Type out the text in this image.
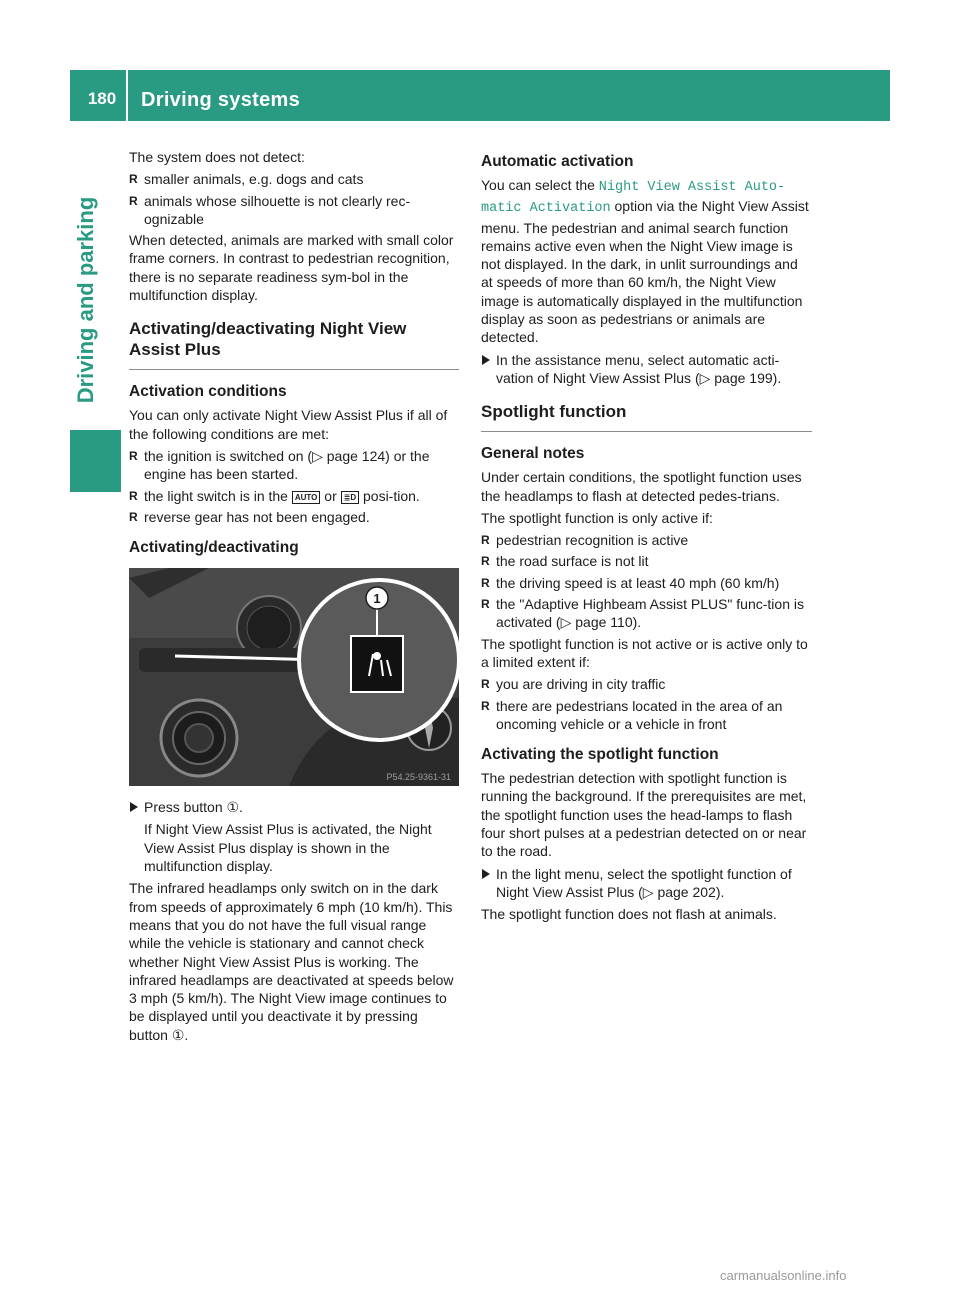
180	Driving systems
Driving and parking

The system does not detect:

R smaller animals, e.g. dogs and cats
R animals whose silhouette is not clearly rec-ognizable

When detected, animals are marked with small color frame corners. In contrast to pedestrian recognition, there is no separate readiness sym-bol in the multifunction display.

Activating/deactivating Night View Assist Plus
Activation conditions

You can only activate Night View Assist Plus if all of the following conditions are met:

R the ignition is switched on (▷ page 124) or the engine has been started.
R the light switch is in the AUTO or ≣D posi-tion.
R reverse gear has not been engaged.
Activating/deactivating
1
P54.25-9361-31
Press button ①.

If Night View Assist Plus is activated, the Night View Assist Plus display is shown in the multifunction display.

The infrared headlamps only switch on in the dark from speeds of approximately 6 mph (10 km/h). This means that you do not have the full visual range while the vehicle is stationary and cannot check whether Night View Assist Plus is working. The infrared headlamps are deactivated at speeds below 3 mph (5 km/h). The Night View image continues to be displayed until you deactivate it by pressing button ①.

Automatic activation

You can select the Night View Assist Auto-matic Activation option via the Night View Assist menu. The pedestrian and animal search function remains active even when the Night View image is not displayed. In the dark, in unlit surroundings and at speeds of more than 60 km/h, the Night View image is automatically displayed in the multifunction display as soon as pedestrians or animals are detected.

In the assistance menu, select automatic acti-vation of Night View Assist Plus (▷ page 199).
Spotlight function
General notes

Under certain conditions, the spotlight function uses the headlamps to flash at detected pedes-trians.

The spotlight function is only active if:

R pedestrian recognition is active
R the road surface is not lit
R the driving speed is at least 40 mph (60 km/h)
R the "Adaptive Highbeam Assist PLUS" func-tion is activated (▷ page 110).

The spotlight function is not active or is active only to a limited extent if:

R you are driving in city traffic
R there are pedestrians located in the area of an oncoming vehicle or a vehicle in front
Activating the spotlight function

The pedestrian detection with spotlight function is running the background. If the prerequisites are met, the spotlight function uses the head-lamps to flash four short pulses at a pedestrian detected on or near to the road.

In the light menu, select the spotlight function of Night View Assist Plus (▷ page 202).

The spotlight function does not flash at animals.

carmanualsonline.info
